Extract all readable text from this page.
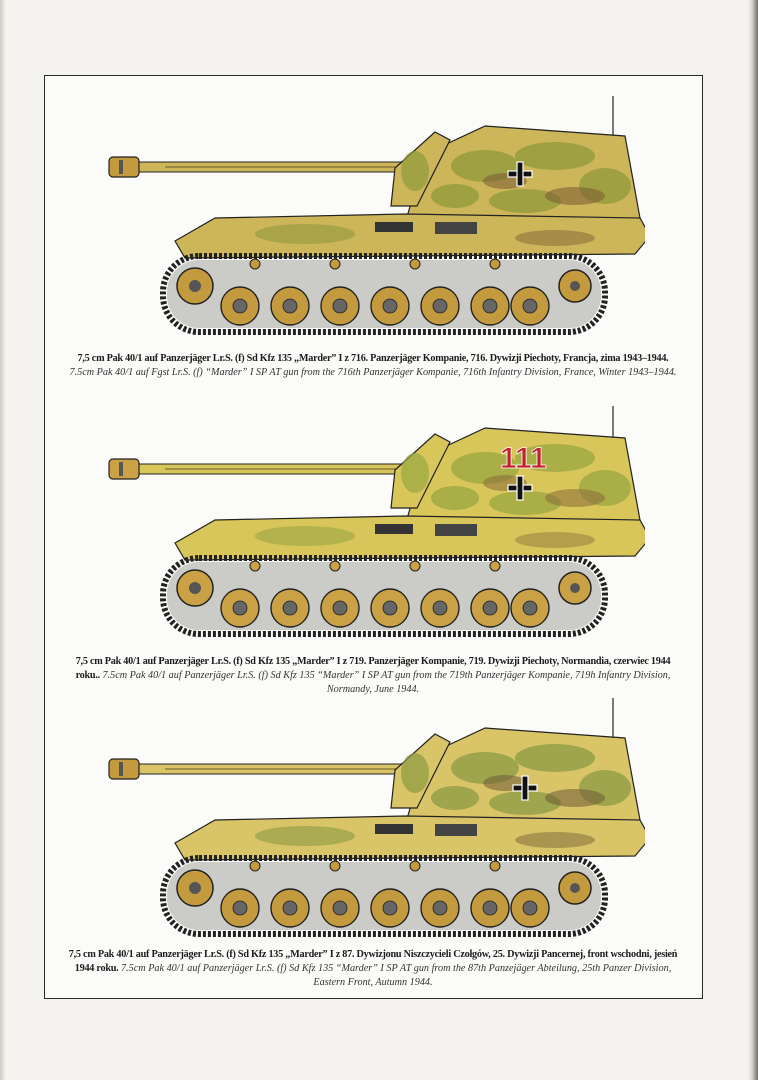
7,5 cm Pak 40/1 auf Panzerjäger Lr.S. (f) Sd Kfz 135 „Marder” I z 716. Panzerjäger Kompanie, 716. Dywizji Piechoty, Francja, zima 1943–1944. 7.5cm Pak 40/1 auf Fgst Lr.S. (f) “Marder” I SP AT gun from the 716th Panzerjäger Kompanie, 716th Infantry Division, France, Winter 1943–1944.
111
7,5 cm Pak 40/1 auf Panzerjäger Lr.S. (f) Sd Kfz 135 „Marder” I z 719. Panzerjäger Kompanie, 719. Dywizji Piechoty, Normandia, czerwiec 1944 roku.. 7.5cm Pak 40/1 auf Panzerjäger Lr.S. (f) Sd Kfz 135 “Marder” I SP AT gun from the 719th Panzerjäger Kompanie, 719h Infantry Division, Normandy, June 1944.
7,5 cm Pak 40/1 auf Panzerjäger Lr.S. (f) Sd Kfz 135 „Marder” I z 87. Dywizjonu Niszczycieli Czołgów, 25. Dywizji Pancernej, front wschodni, jesień 1944 roku. 7.5cm Pak 40/1 auf Panzerjäger Lr.S. (f) Sd Kfz 135 “Marder” I SP AT gun from the 87th Panzejäger Abteilung, 25th Panzer Division, Eastern Front, Autumn 1944.
